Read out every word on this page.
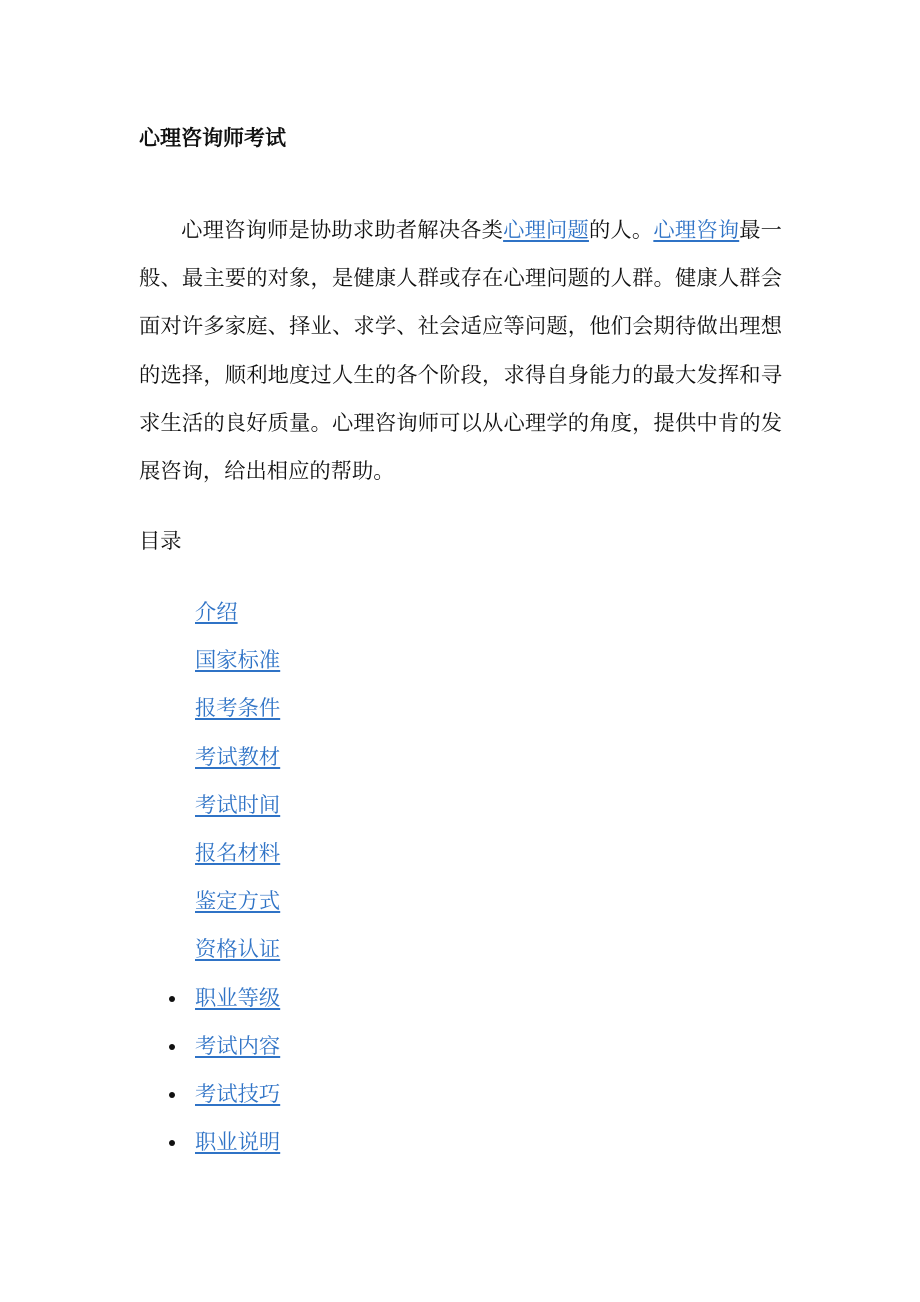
心理咨询师考试

心理咨询师是协助求助者解决各类心理问题的人。心理咨询最一般、最主要的对象，是健康人群或存在心理问题的人群。健康人群会面对许多家庭、择业、求学、社会适应等问题，他们会期待做出理想的选择，顺利地度过人生的各个阶段，求得自身能力的最大发挥和寻求生活的良好质量。心理咨询师可以从心理学的角度，提供中肯的发展咨询，给出相应的帮助。

目录
介绍
国家标准
报考条件
考试教材
考试时间
报名材料
鉴定方式
资格认证
职业等级
考试内容
考试技巧
职业说明
